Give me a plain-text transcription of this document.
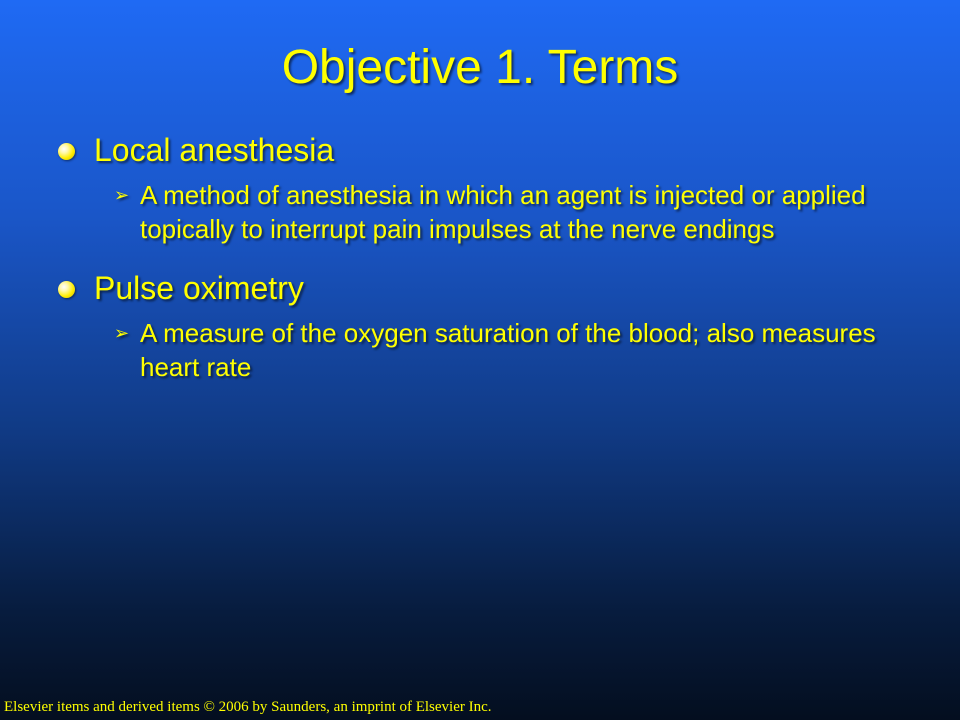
Objective 1. Terms
Local anesthesia
➢ A method of anesthesia in which an agent is injected or applied topically to interrupt pain impulses at the nerve endings
Pulse oximetry
➢ A measure of the oxygen saturation of the blood; also measures heart rate
Elsevier items and derived items © 2006 by Saunders, an imprint of Elsevier Inc.
